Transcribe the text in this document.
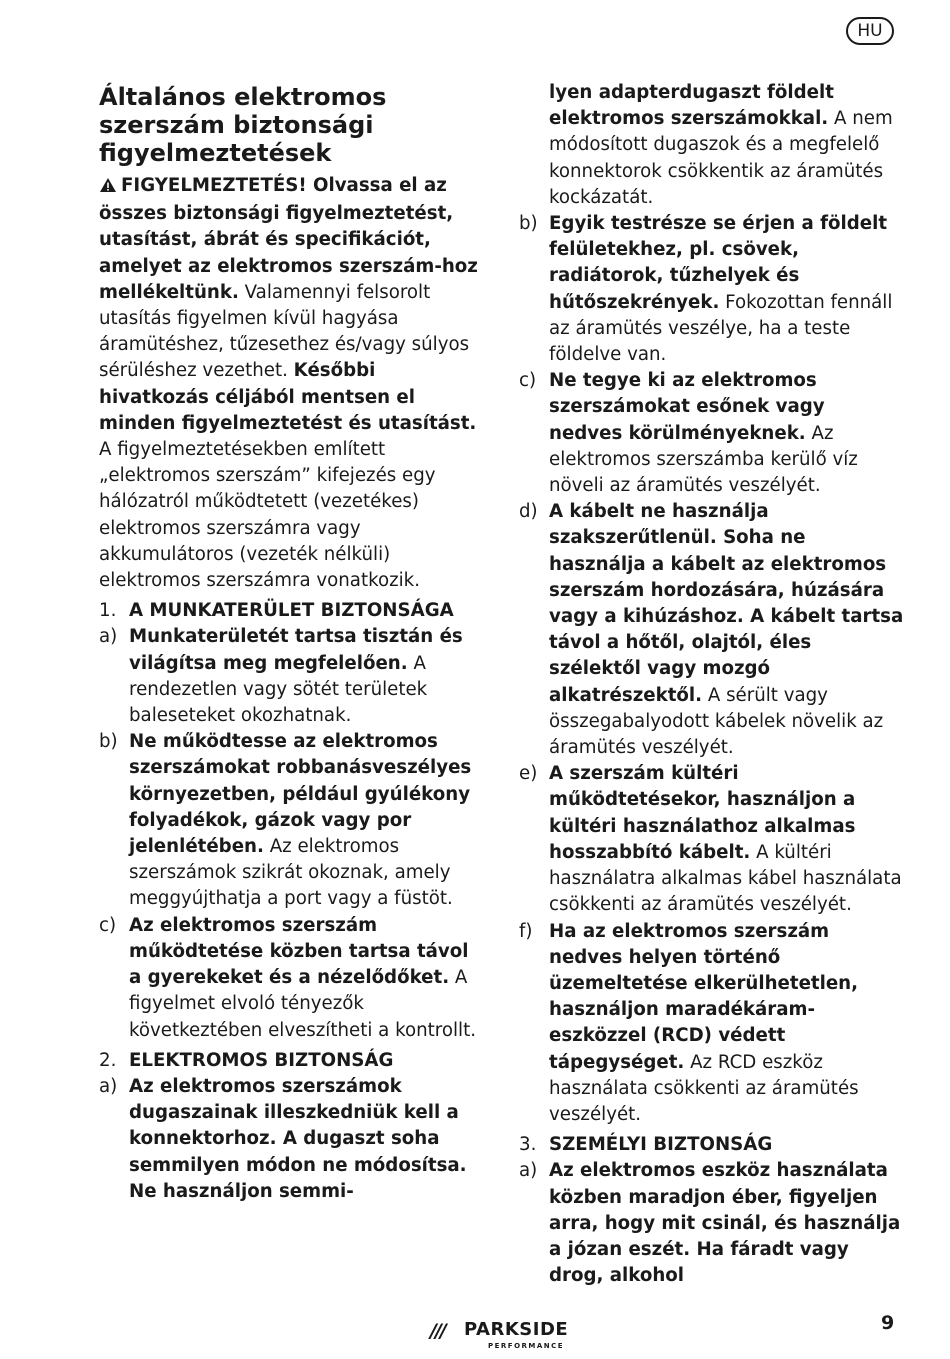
HU
Általános elektromos
szerszám biztonsági
figyelmeztetések

FIGYELMEZTETÉS! Olvassa el az összes biztonsági figyelmeztetést, utasítást, ábrát és specifikációt, amelyet az elektromos szerszám-hoz mellékeltünk. Valamennyi felsorolt utasítás figyelmen kívül hagyása áramütéshez, tűzesethez és/vagy súlyos sérüléshez vezethet. Későbbi hivatkozás céljából mentsen el minden figyelmeztetést és utasítást.

A figyelmeztetésekben említett „elektromos szerszám” kifejezés egy hálózatról működtetett (vezetékes) elektromos szerszámra vagy akkumulátoros (vezeték nélküli) elektromos szerszámra vonatkozik.

1. A MUNKATERÜLET BIZTONSÁGA
a) Munkaterületét tartsa tisztán és világítsa meg megfelelően. A rendezetlen vagy sötét területek baleseteket okozhatnak.
b) Ne működtesse az elektromos szerszámokat robbanásveszélyes környezetben, például gyúlékony folyadékok, gázok vagy por jelenlétében. Az elektromos szerszámok szikrát okoznak, amely meggyújthatja a port vagy a füstöt.
c) Az elektromos szerszám működtetése közben tartsa távol a gyerekeket és a nézelődőket. A figyelmet elvoló tényezők következtében elveszítheti a kontrollt.
2. ELEKTROMOS BIZTONSÁG
a) Az elektromos szerszámok dugaszainak illeszkedniük kell a konnektorhoz. A dugaszt soha semmilyen módon ne módosítsa. Ne használjon semmi-
lyen adapterdugaszt földelt elektromos szerszámokkal. A nem módosított dugaszok és a megfelelő konnektorok csökkentik az áramütés kockázatát.
b) Egyik testrésze se érjen a földelt felületekhez, pl. csövek, radiátorok, tűzhelyek és hűtőszekrények. Fokozottan fennáll az áramütés veszélye, ha a teste földelve van.
c) Ne tegye ki az elektromos szerszámokat esőnek vagy nedves körülményeknek. Az elektromos szerszámba kerülő víz növeli az áramütés veszélyét.
d) A kábelt ne használja szakszerűtlenül. Soha ne használja a kábelt az elektromos szerszám hordozására, húzására vagy a kihúzáshoz. A kábelt tartsa távol a hőtől, olajtól, éles szélektől vagy mozgó alkatrészektől. A sérült vagy összegabalyodott kábelek növelik az áramütés veszélyét.
e) A szerszám kültéri működtetésekor, használjon a kültéri használathoz alkalmas hosszabbító kábelt. A kültéri használatra alkalmas kábel használata csökkenti az áramütés veszélyét.
f) Ha az elektromos szerszám nedves helyen történő üzemeltetése elkerülhetetlen, használjon maradékáram-eszközzel (RCD) védett tápegységet. Az RCD eszköz használata csökkenti az áramütés veszélyét.
3. SZEMÉLYI BIZTONSÁG
a) Az elektromos eszköz használata közben maradjon éber, figyeljen arra, hogy mit csinál, és használja a józan eszét. Ha fáradt vagy drog, alkohol
/// PARKSIDE
PERFORMANCE
9
